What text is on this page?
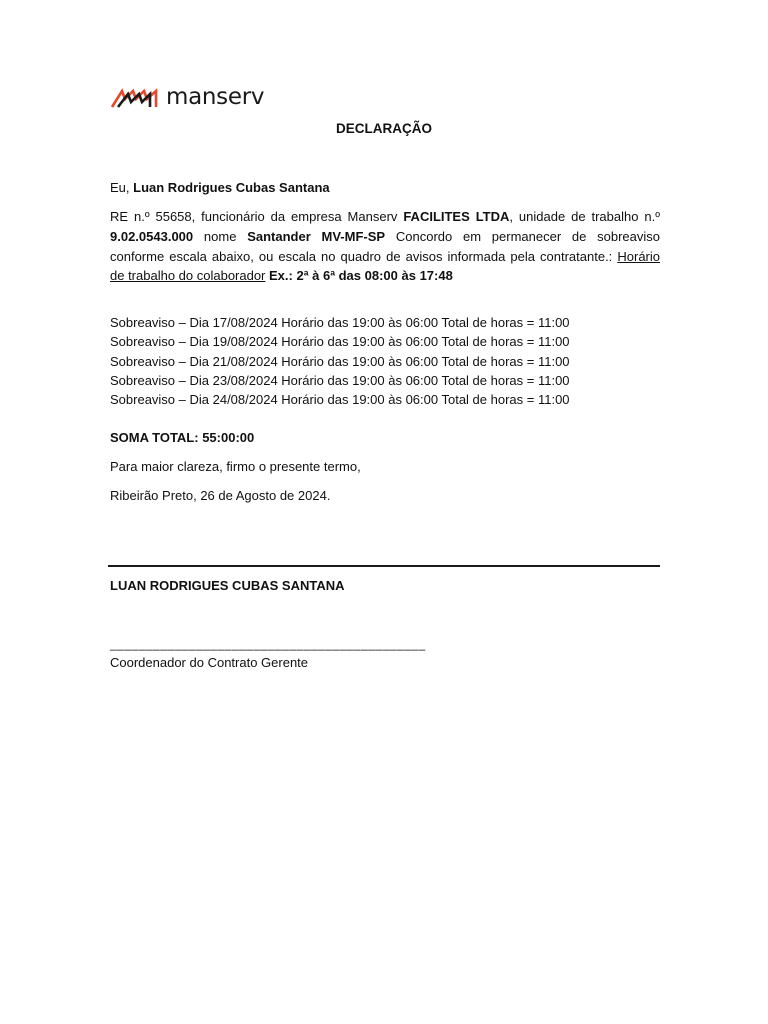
manserv
DECLARAÇÃO
Eu, Luan Rodrigues Cubas Santana
RE n.º 55658, funcionário da empresa Manserv FACILITES LTDA, unidade de trabalho n.º 9.02.0543.000 nome Santander MV-MF-SP Concordo em permanecer de sobreaviso conforme escala abaixo, ou escala no quadro de avisos informada pela contratante.: Horário de trabalho do colaborador Ex.: 2ª à 6ª das 08:00 às 17:48
Sobreaviso – Dia 17/08/2024 Horário das 19:00 às 06:00 Total de horas = 11:00
Sobreaviso – Dia 19/08/2024 Horário das 19:00 às 06:00 Total de horas = 11:00
Sobreaviso – Dia 21/08/2024 Horário das 19:00 às 06:00 Total de horas = 11:00
Sobreaviso – Dia 23/08/2024 Horário das 19:00 às 06:00 Total de horas = 11:00
Sobreaviso – Dia 24/08/2024 Horário das 19:00 às 06:00 Total de horas = 11:00
SOMA TOTAL: 55:00:00
Para maior clareza, firmo o presente termo,
Ribeirão Preto, 26 de Agosto de 2024.
LUAN RODRIGUES CUBAS SANTANA
____________________________________________
Coordenador do Contrato Gerente
